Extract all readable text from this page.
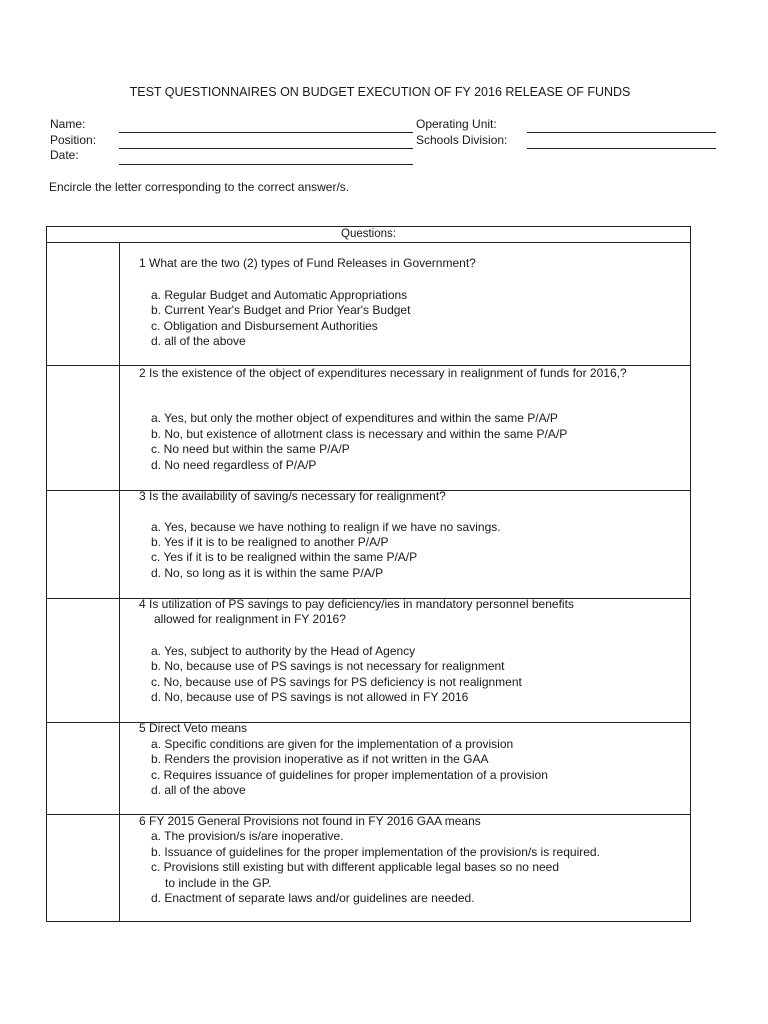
TEST QUESTIONNAIRES ON BUDGET EXECUTION OF FY 2016 RELEASE OF FUNDS
Name:
Position:
Date:
Operating Unit:
Schools Division:
Encircle the letter corresponding to the correct answer/s.
Questions:
1 What are the two (2) types of Fund Releases in Government?
a. Regular Budget and Automatic Appropriations
b. Current Year's Budget and Prior Year's Budget
c. Obligation and Disbursement Authorities
d. all of the above
2 Is the existence of the object of expenditures necessary in realignment of funds for 2016,?
a. Yes, but only the mother object of expenditures and within the same P/A/P
b. No, but existence of allotment class is necessary and within the same P/A/P
c. No need but within the same P/A/P
d. No need regardless of P/A/P
3 Is the availability of saving/s necessary for realignment?
a. Yes, because we have nothing to realign if we have no savings.
b. Yes if it is to be realigned to another P/A/P
c. Yes if it is to be realigned within the same P/A/P
d. No, so long as it is within the same P/A/P
4 Is utilization of PS savings to pay deficiency/ies in mandatory personnel benefits
allowed for realignment in FY 2016?
a. Yes, subject to authority by the Head of Agency
b. No, because use of PS savings is not necessary for realignment
c. No, because use of PS savings for PS deficiency is not realignment
d. No, because use of PS savings is not allowed in FY 2016
5 Direct Veto means
a. Specific conditions are given for the implementation of a provision
b. Renders the provision inoperative as if not written in the GAA
c. Requires issuance of guidelines for proper implementation of a provision
d. all of the above
6 FY 2015 General Provisions not found in FY 2016 GAA means
a. The provision/s is/are inoperative.
b. Issuance of guidelines for the proper implementation of the provision/s is required.
c. Provisions still existing but with different applicable legal bases so no need
to include in the GP.
d. Enactment of separate laws and/or guidelines are needed.
